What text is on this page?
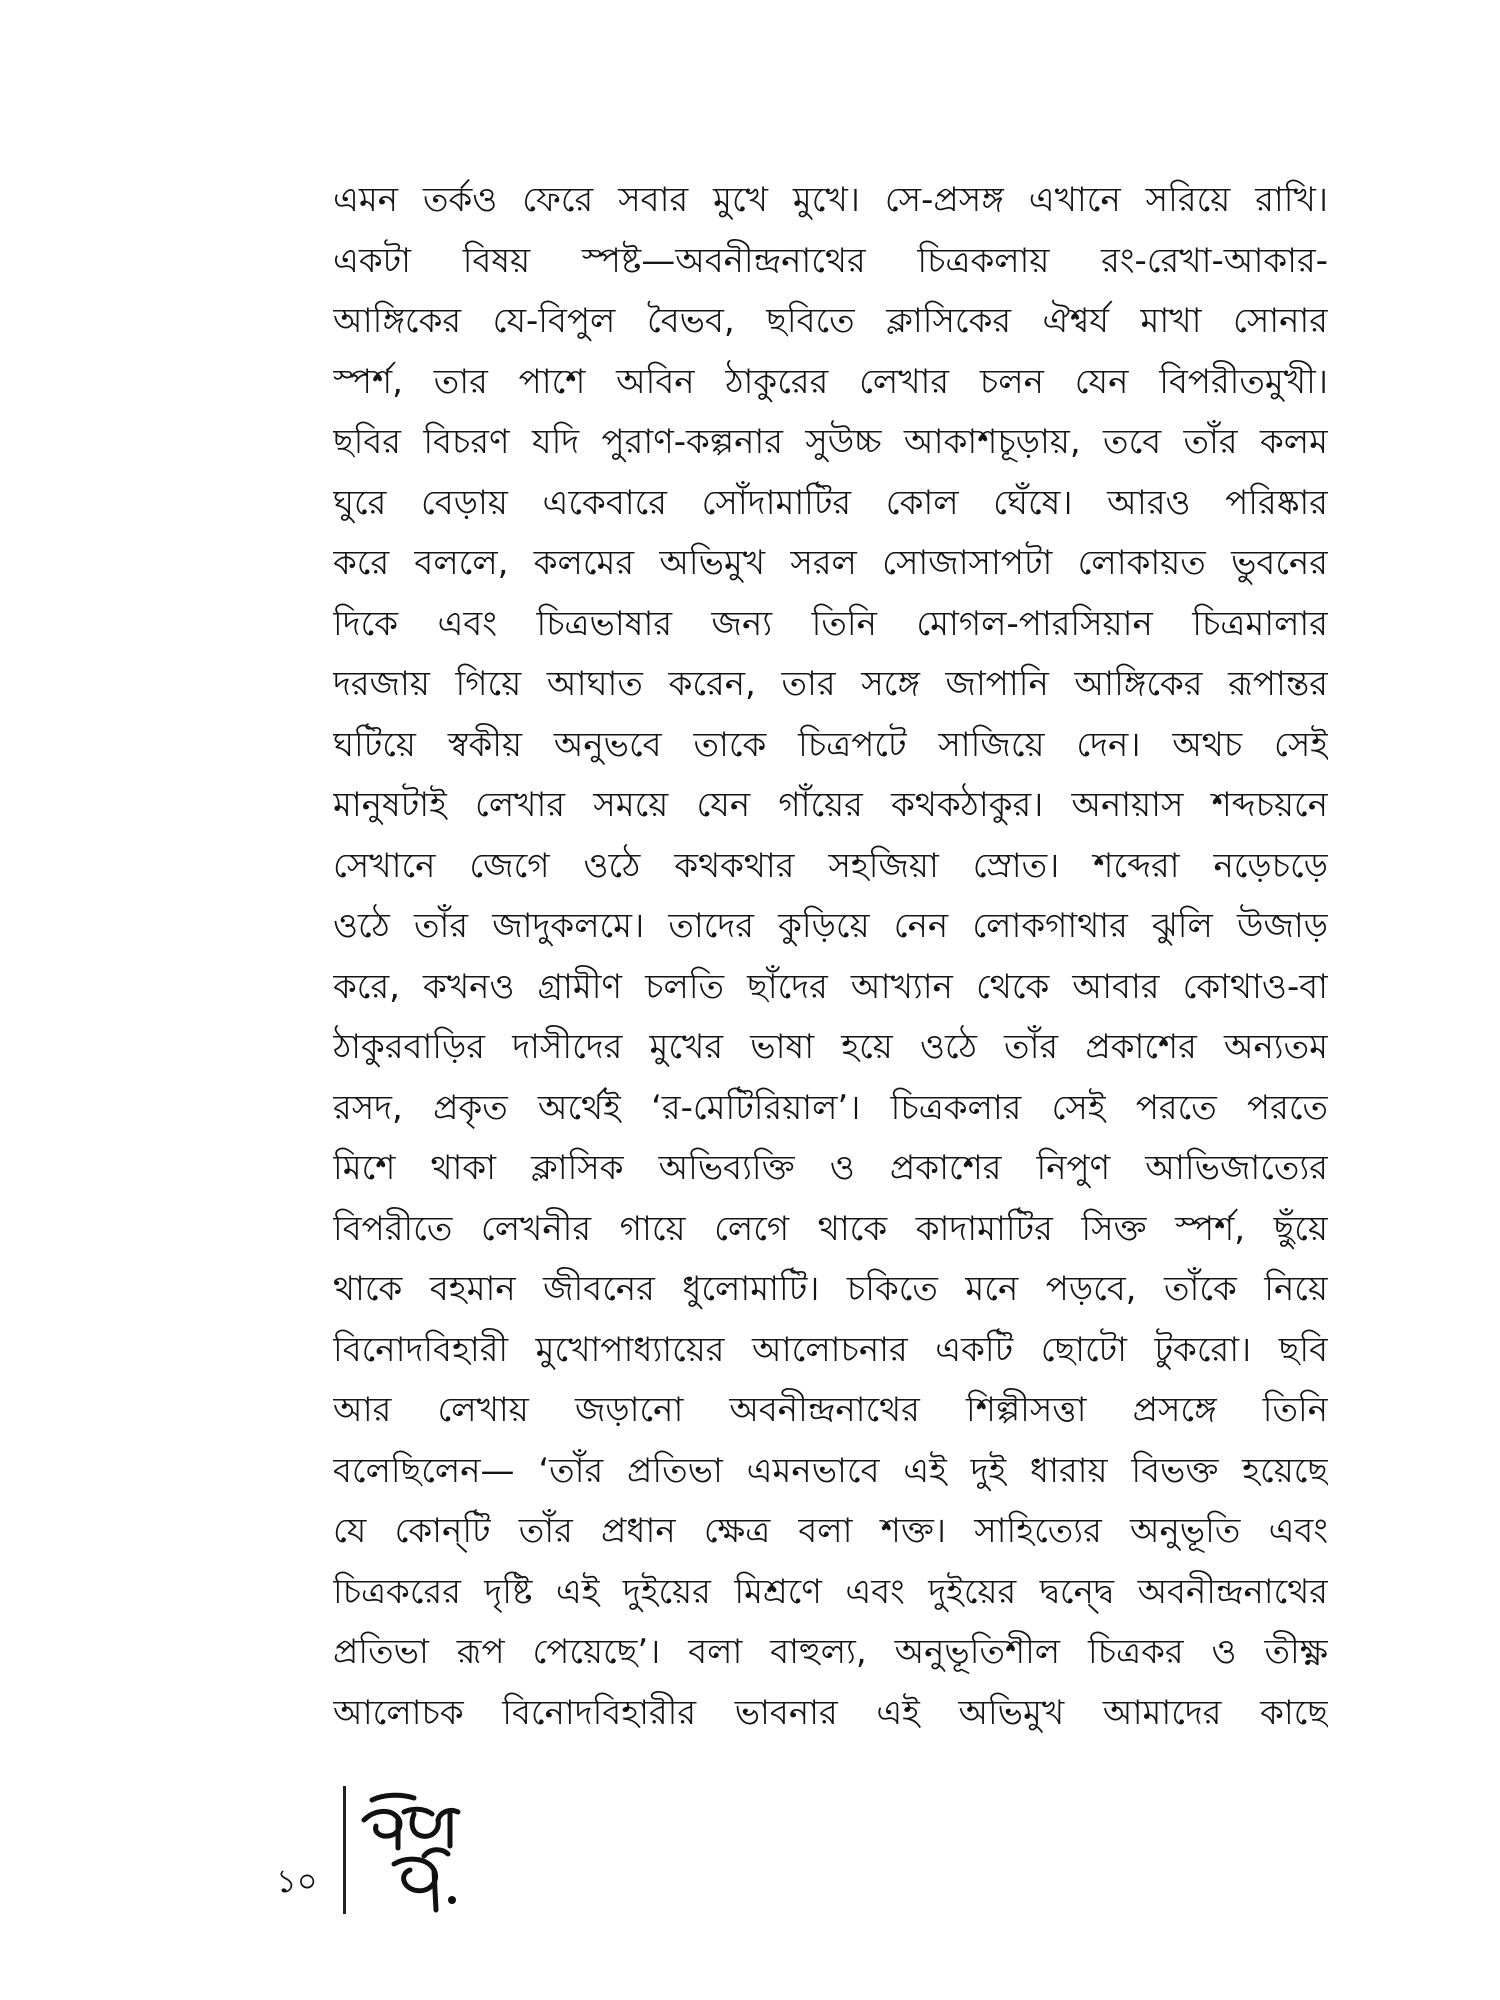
এমন তর্কও ফেরে সবার মুখে মুখে। সে-প্রসঙ্গ এখানে সরিয়ে রাখি।
একটা বিষয় স্পষ্ট—অবনীন্দ্রনাথের চিত্রকলায় রং-রেখা-আকার-
আঙ্গিকের যে-বিপুল বৈভব, ছবিতে ক্লাসিকের ঐশ্বর্য মাখা সোনার
স্পর্শ, তার পাশে অবিন ঠাকুরের লেখার চলন যেন বিপরীতমুখী।
ছবির বিচরণ যদি পুরাণ-কল্পনার সুউচ্চ আকাশচূড়ায়, তবে তাঁর কলম
ঘুরে বেড়ায় একেবারে সোঁদামাটির কোল ঘেঁষে। আরও পরিষ্কার
করে বললে, কলমের অভিমুখ সরল সোজাসাপটা লোকায়ত ভুবনের
দিকে এবং চিত্রভাষার জন্য তিনি মোগল-পারসিয়ান চিত্রমালার
দরজায় গিয়ে আঘাত করেন, তার সঙ্গে জাপানি আঙ্গিকের রূপান্তর
ঘটিয়ে স্বকীয় অনুভবে তাকে চিত্রপটে সাজিয়ে দেন। অথচ সেই
মানুষটাই লেখার সময়ে যেন গাঁয়ের কথকঠাকুর। অনায়াস শব্দচয়নে
সেখানে জেগে ওঠে কথকথার সহজিয়া স্রোত। শব্দেরা নড়েচড়ে
ওঠে তাঁর জাদুকলমে। তাদের কুড়িয়ে নেন লোকগাথার ঝুলি উজাড়
করে, কখনও গ্রামীণ চলতি ছাঁদের আখ্যান থেকে আবার কোথাও-বা
ঠাকুরবাড়ির দাসীদের মুখের ভাষা হয়ে ওঠে তাঁর প্রকাশের অন্যতম
রসদ, প্রকৃত অর্থেই ‘র-মেটিরিয়াল’। চিত্রকলার সেই পরতে পরতে
মিশে থাকা ক্লাসিক অভিব্যক্তি ও প্রকাশের নিপুণ আভিজাত্যের
বিপরীতে লেখনীর গায়ে লেগে থাকে কাদামাটির সিক্ত স্পর্শ, ছুঁয়ে
থাকে বহমান জীবনের ধুলোমাটি। চকিতে মনে পড়বে, তাঁকে নিয়ে
বিনোদবিহারী মুখোপাধ্যায়ের আলোচনার একটি ছোটো টুকরো। ছবি
আর লেখায় জড়ানো অবনীন্দ্রনাথের শিল্পীসত্তা প্রসঙ্গে তিনি
বলেছিলেন— ‘তাঁর প্রতিভা এমনভাবে এই দুই ধারায় বিভক্ত হয়েছে
যে কোন্‌টি তাঁর প্রধান ক্ষেত্র বলা শক্ত। সাহিত্যের অনুভূতি এবং
চিত্রকরের দৃষ্টি এই দুইয়ের মিশ্রণে এবং দুইয়ের দ্বন্দ্বে অবনীন্দ্রনাথের
প্রতিভা রূপ পেয়েছে’। বলা বাহুল্য, অনুভূতিশীল চিত্রকর ও তীক্ষ্ণ
আলোচক বিনোদবিহারীর ভাবনার এই অভিমুখ আমাদের কাছে
১০
